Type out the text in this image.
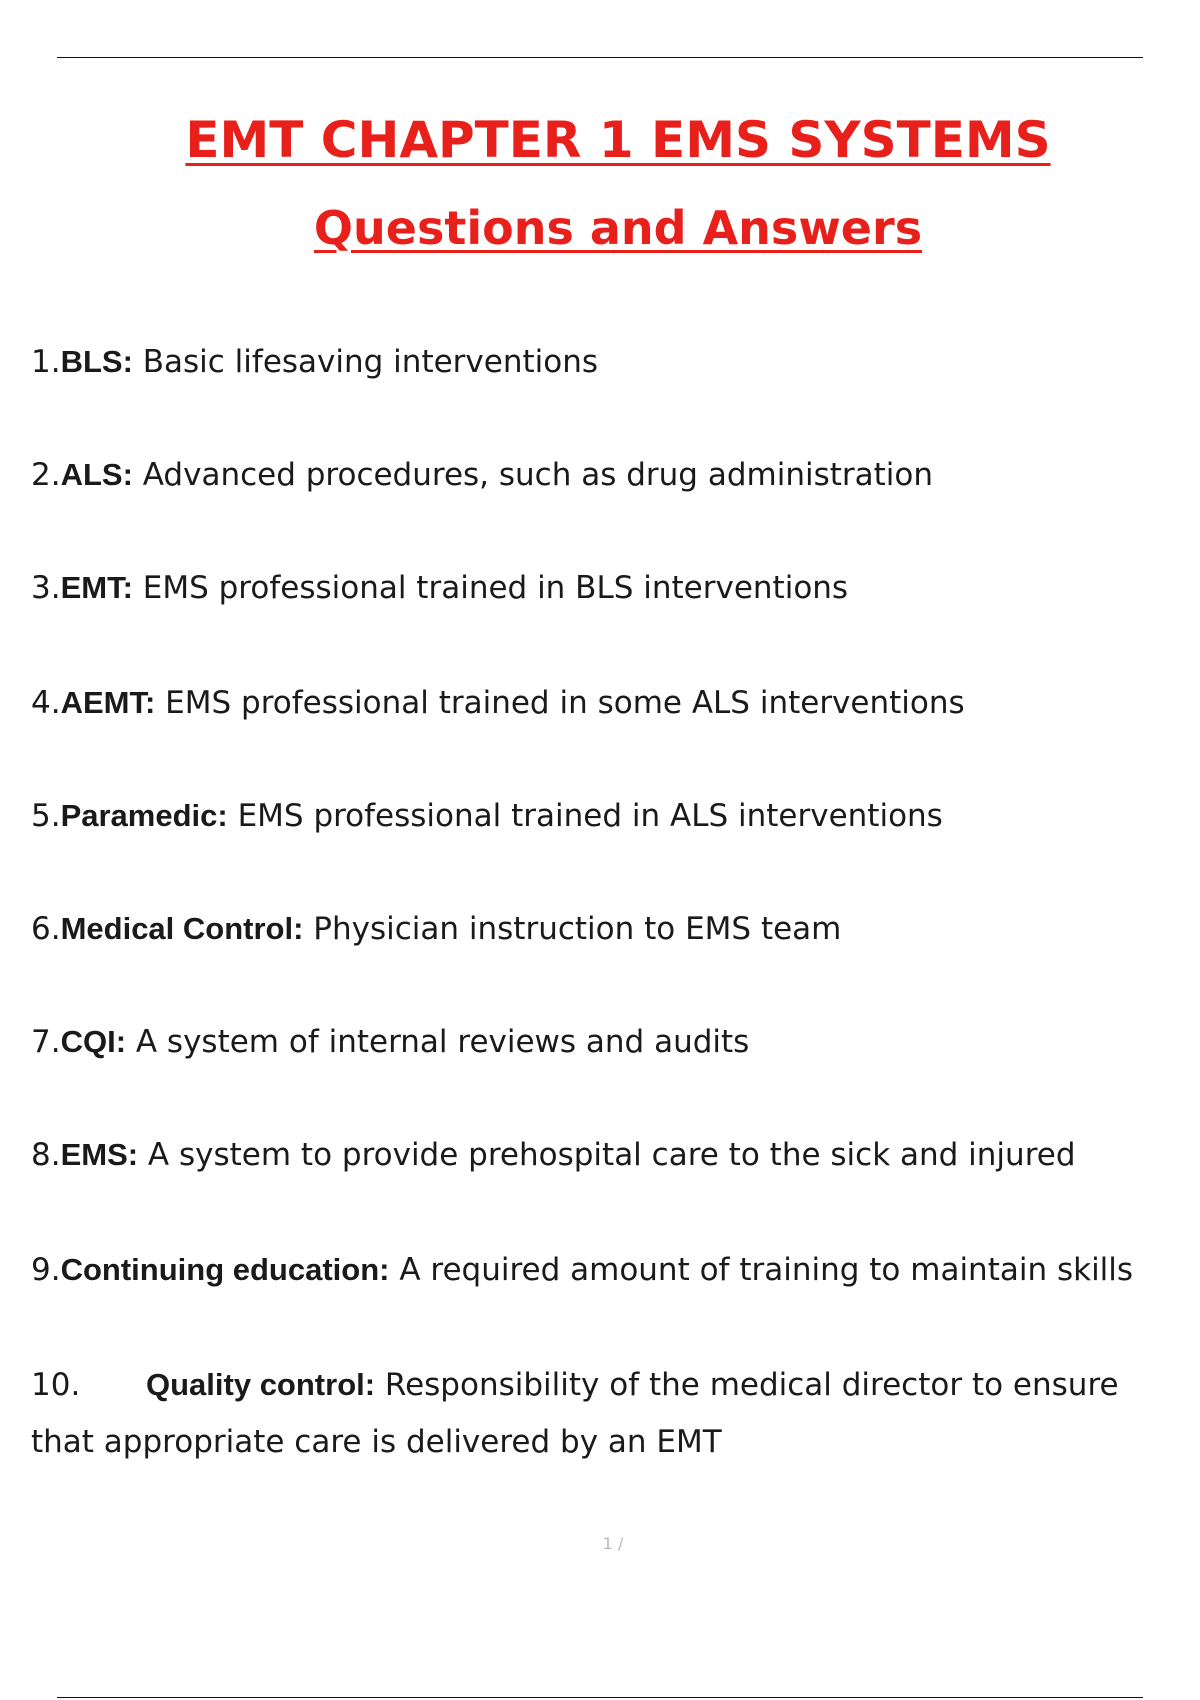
EMT CHAPTER 1 EMS SYSTEMS
Questions and Answers

1.BLS: Basic lifesaving interventions

2.ALS: Advanced procedures, such as drug administration

3.EMT: EMS professional trained in BLS interventions

4.AEMT: EMS professional trained in some ALS interventions

5.Paramedic: EMS professional trained in ALS interventions

6.Medical Control: Physician instruction to EMS team

7.CQI: A system of internal reviews and audits

8.EMS: A system to provide prehospital care to the sick and injured

9.Continuing education: A required amount of training to maintain skills

10. Quality control: Responsibility of the medical director to ensure that appropriate care is delivered by an EMT

1 /
